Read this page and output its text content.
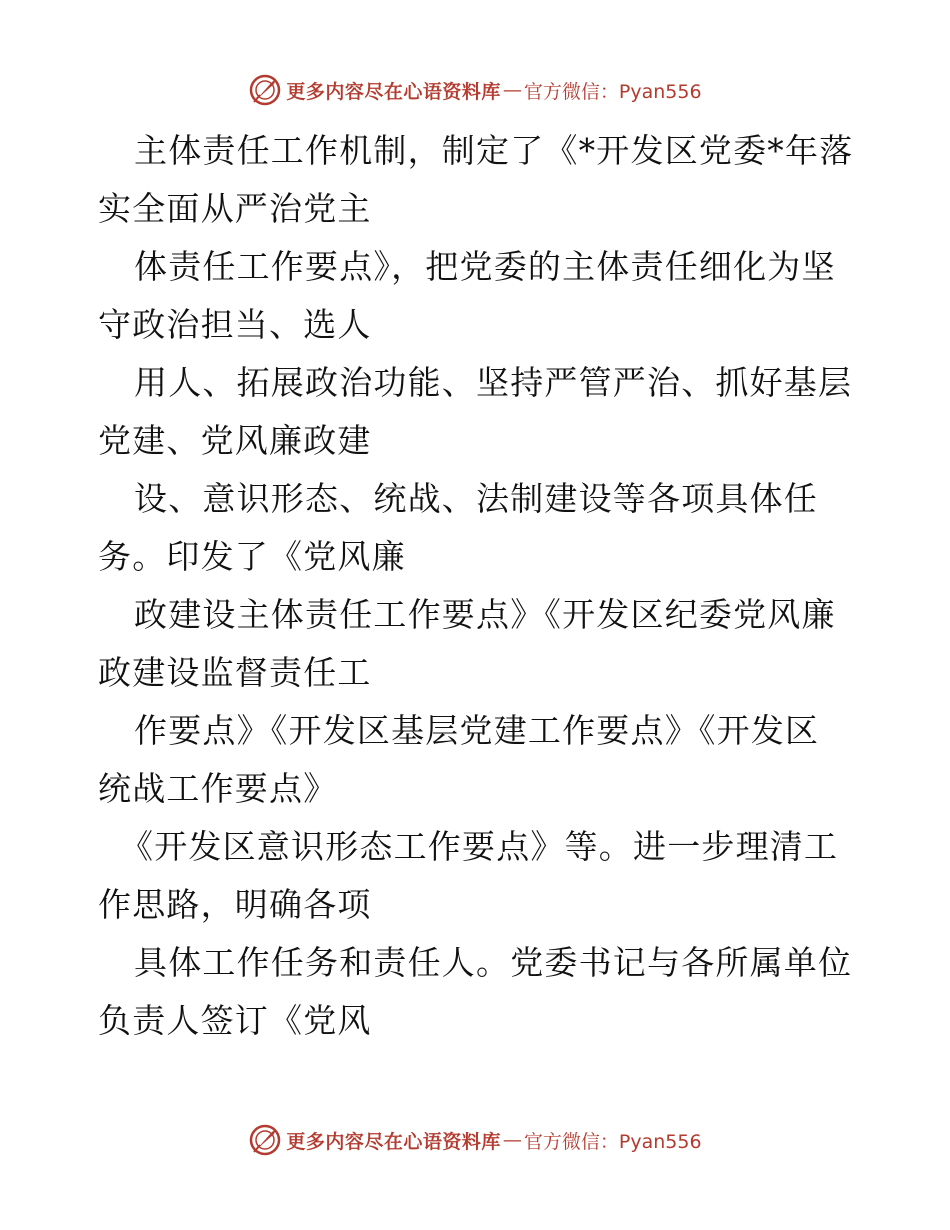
更多内容尽在心语资料库 — 官方微信：Pyan556
主体责任工作机制，制定了《*开发区党委*年落
实全面从严治党主
体责任工作要点》，把党委的主体责任细化为坚
守政治担当、选人
用人、拓展政治功能、坚持严管严治、抓好基层
党建、党风廉政建
设、意识形态、统战、法制建设等各项具体任
务。印发了《党风廉
政建设主体责任工作要点》《开发区纪委党风廉
政建设监督责任工
作要点》《开发区基层党建工作要点》《开发区
统战工作要点》
《开发区意识形态工作要点》等。进一步理清工
作思路，明确各项
具体工作任务和责任人。党委书记与各所属单位
负责人签订《党风
更多内容尽在心语资料库 — 官方微信：Pyan556
